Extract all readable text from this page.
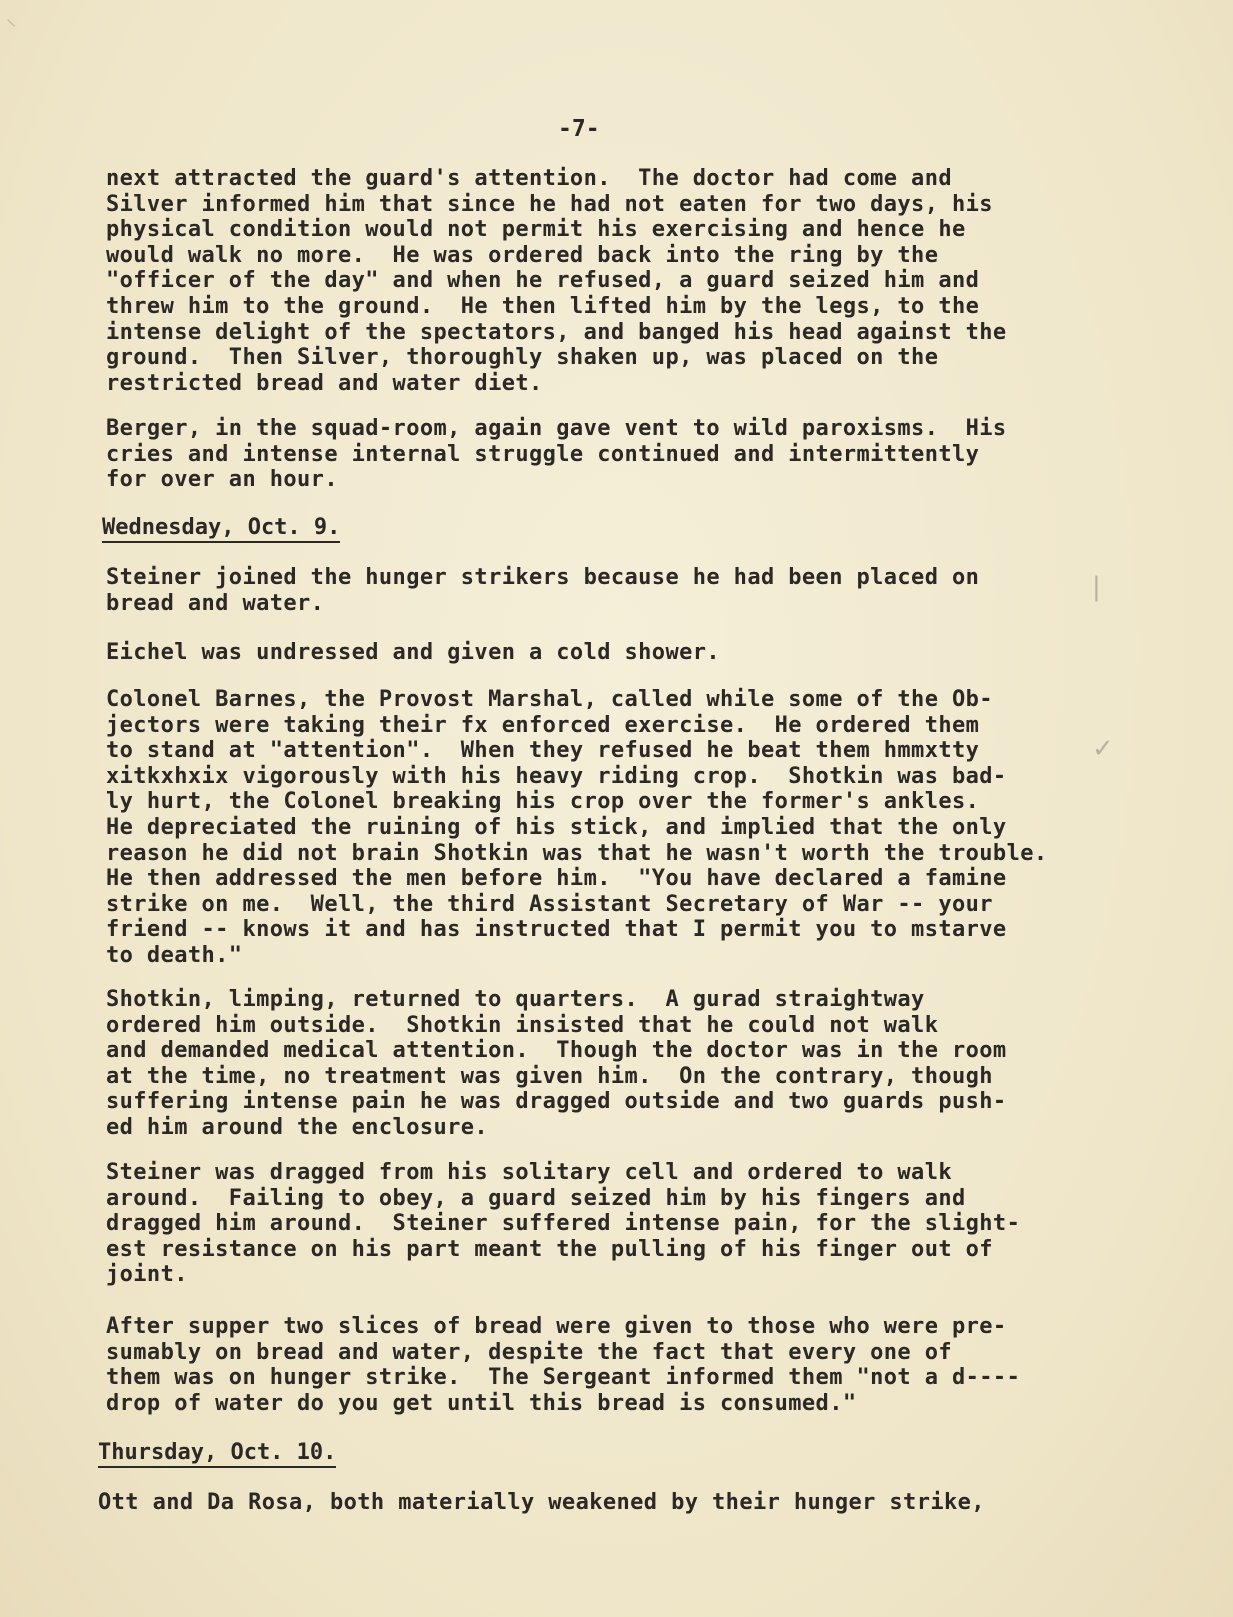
⸜
|
✓
-7-

next attracted the guard's attention.  The doctor had come and
Silver informed him that since he had not eaten for two days, his
physical condition would not permit his exercising and hence he
would walk no more.  He was ordered back into the ring by the
"officer of the day" and when he refused, a guard seized him and
threw him to the ground.  He then lifted him by the legs, to the
intense delight of the spectators, and banged his head against the
ground.  Then Silver, thoroughly shaken up, was placed on the
restricted bread and water diet.

Berger, in the squad-room, again gave vent to wild paroxisms.  His
cries and intense internal struggle continued and intermittently
for over an hour.

Wednesday, Oct. 9.

Steiner joined the hunger strikers because he had been placed on
bread and water.

Eichel was undressed and given a cold shower.

Colonel Barnes, the Provost Marshal, called while some of the Ob-
jectors were taking their fx enforced exercise.  He ordered them
to stand at "attention".  When they refused he beat them hmmxtty
xitkxhxix vigorously with his heavy riding crop.  Shotkin was bad-
ly hurt, the Colonel breaking his crop over the former's ankles.
He depreciated the ruining of his stick, and implied that the only
reason he did not brain Shotkin was that he wasn't worth the trouble.
He then addressed the men before him.  "You have declared a famine
strike on me.  Well, the third Assistant Secretary of War -- your
friend -- knows it and has instructed that I permit you to mstarve
to death."

Shotkin, limping, returned to quarters.  A gurad straightway
ordered him outside.  Shotkin insisted that he could not walk
and demanded medical attention.  Though the doctor was in the room
at the time, no treatment was given him.  On the contrary, though
suffering intense pain he was dragged outside and two guards push-
ed him around the enclosure.

Steiner was dragged from his solitary cell and ordered to walk
around.  Failing to obey, a guard seized him by his fingers and
dragged him around.  Steiner suffered intense pain, for the slight-
est resistance on his part meant the pulling of his finger out of
joint.

After supper two slices of bread were given to those who were pre-
sumably on bread and water, despite the fact that every one of
them was on hunger strike.  The Sergeant informed them "not a d----
drop of water do you get until this bread is consumed."

Thursday, Oct. 10.

Ott and Da Rosa, both materially weakened by their hunger strike,
